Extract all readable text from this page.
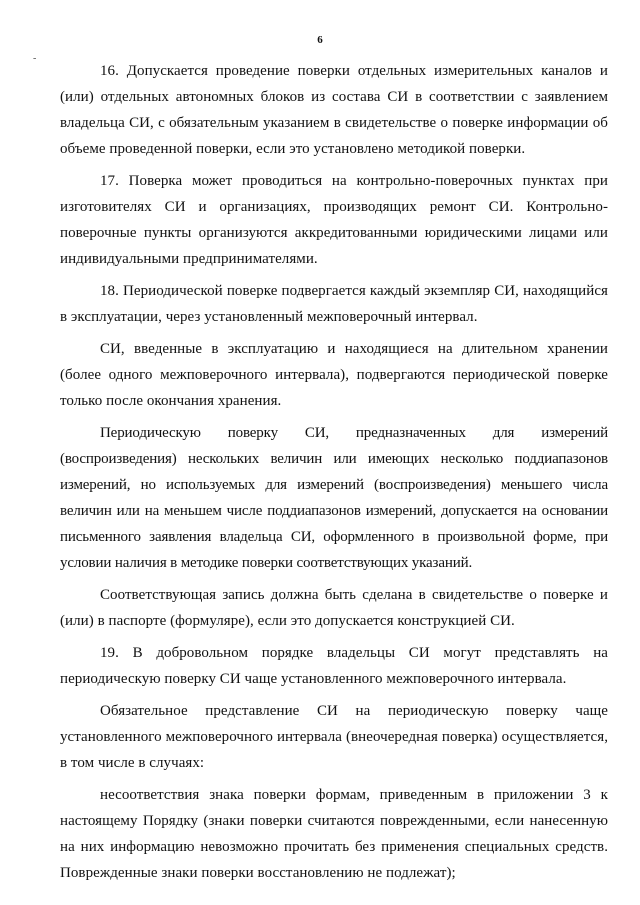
6
-

16. Допускается проведение поверки отдельных измерительных каналов и (или) отдельных автономных блоков из состава СИ в соответствии с заявлением владельца СИ, с обязательным указанием в свидетельстве о поверке информации об объеме проведенной поверки, если это установлено методикой поверки.

17. Поверка может проводиться на контрольно-поверочных пунктах при изготовителях СИ и организациях, производящих ремонт СИ. Контрольно-поверочные пункты организуются аккредитованными юридическими лицами или индивидуальными предпринимателями.

18. Периодической поверке подвергается каждый экземпляр СИ, находящийся в эксплуатации, через установленный межповерочный интервал.

СИ, введенные в эксплуатацию и находящиеся на длительном хранении (более одного межповерочного интервала), подвергаются периодической поверке только после окончания хранения.

Периодическую поверку СИ, предназначенных для измерений (воспроизведения) нескольких величин или имеющих несколько поддиапазонов измерений, но используемых для измерений (воспроизведения) меньшего числа величин или на меньшем числе поддиапазонов измерений, допускается на основании письменного заявления владельца СИ, оформленного в произвольной форме, при условии наличия в методике поверки соответствующих указаний.

Соответствующая запись должна быть сделана в свидетельстве о поверке и (или) в паспорте (формуляре), если это допускается конструкцией СИ.

19. В добровольном порядке владельцы СИ могут представлять на периодическую поверку СИ чаще установленного межповерочного интервала.

Обязательное представление СИ на периодическую поверку чаще установленного межповерочного интервала (внеочередная поверка) осуществляется, в том числе в случаях:

несоответствия знака поверки формам, приведенным в приложении 3 к настоящему Порядку (знаки поверки считаются поврежденными, если нанесенную на них информацию невозможно прочитать без применения специальных средств. Поврежденные знаки поверки восстановлению не подлежат);
